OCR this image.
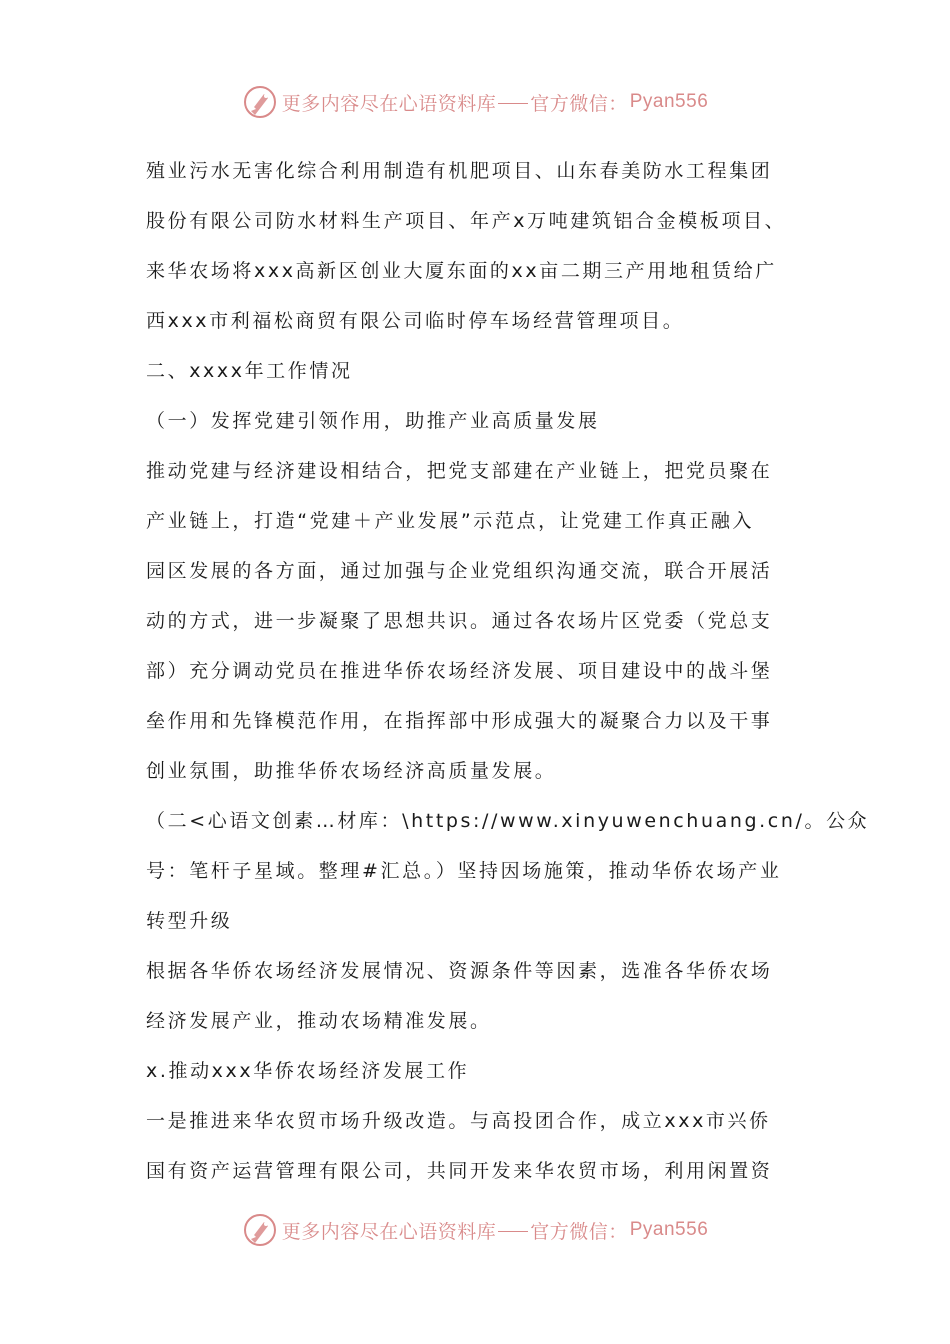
更多内容尽在心语资料库 官方微信： Pyan556
殖业污水无害化综合利用制造有机肥项目、山东春美防水工程集团
股份有限公司防水材料生产项目、年产x万吨建筑铝合金模板项目、
来华农场将xxx高新区创业大厦东面的xx亩二期三产用地租赁给广
西xxx市利福松商贸有限公司临时停车场经营管理项目。
二、xxxx年工作情况
（一）发挥党建引领作用，助推产业高质量发展
推动党建与经济建设相结合，把党支部建在产业链上，把党员聚在
产业链上，打造“党建＋产业发展”示范点，让党建工作真正融入
园区发展的各方面，通过加强与企业党组织沟通交流，联合开展活
动的方式，进一步凝聚了思想共识。通过各农场片区党委（党总支
部）充分调动党员在推进华侨农场经济发展、项目建设中的战斗堡
垒作用和先锋模范作用，在指挥部中形成强大的凝聚合力以及干事
创业氛围，助推华侨农场经济高质量发展。
（二<心语文创素…材库：\https://www.xinyuwenchuang.cn/。公众
号：笔杆子星域。整理#汇总。）坚持因场施策，推动华侨农场产业
转型升级
根据各华侨农场经济发展情况、资源条件等因素，选准各华侨农场
经济发展产业，推动农场精准发展。
x.推动xxx华侨农场经济发展工作
一是推进来华农贸市场升级改造。与高投团合作，成立xxx市兴侨
国有资产运营管理有限公司，共同开发来华农贸市场，利用闲置资
更多内容尽在心语资料库 官方微信： Pyan556
